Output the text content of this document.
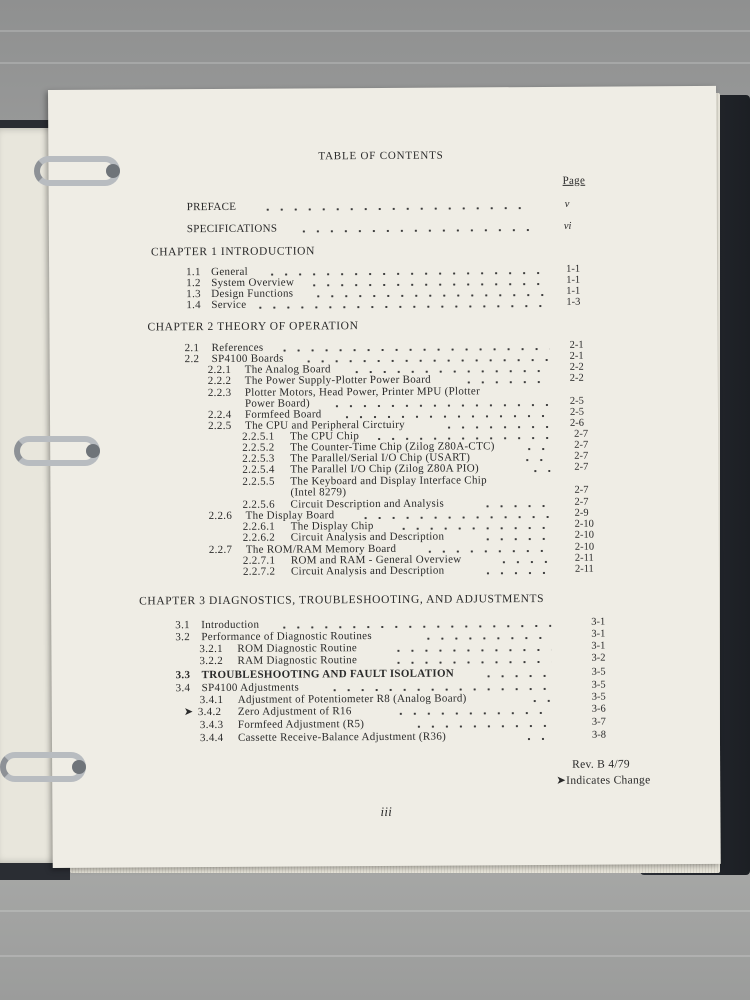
TABLE OF CONTENTS
Page
PREFACE	v
SPECIFICATIONS	vi
CHAPTER 1 INTRODUCTION
1.1 General	1-1
1.2 System Overview	1-1
1.3 Design Functions	1-1
1.4 Service	1-3
CHAPTER 2 THEORY OF OPERATION
2.1 References	2-1
2.2 SP4100 Boards	2-1
2.2.1 The Analog Board	2-2
2.2.2 The Power Supply-Plotter Power Board	2-2
2.2.3 Plotter Motors, Head Power, Printer MPU (Plotter
Power Board)	2-5
2.2.4 Formfeed Board	2-5
2.2.5 The CPU and Peripheral Circtuiry	2-6
2.2.5.1 The CPU Chip	2-7
2.2.5.2 The Counter-Time Chip (Zilog Z80A-CTC)	2-7
2.2.5.3 The Parallel/Serial I/O Chip (USART)	2-7
2.2.5.4 The Parallel I/O Chip (Zilog Z80A PIO)	2-7
2.2.5.5 The Keyboard and Display Interface Chip
(Intel 8279)	2-7
2.2.5.6 Circuit Description and Analysis	2-7
2.2.6 The Display Board	2-9
2.2.6.1 The Display Chip	2-10
2.2.6.2 Circuit Analysis and Description	2-10
2.2.7 The ROM/RAM Memory Board	2-10
2.2.7.1 ROM and RAM - General Overview	2-11
2.2.7.2 Circuit Analysis and Description	2-11
CHAPTER 3 DIAGNOSTICS, TROUBLESHOOTING, AND ADJUSTMENTS
3.1 Introduction	3-1
3.2 Performance of Diagnostic Routines	3-1
3.2.1 ROM Diagnostic Routine	3-1
3.2.2 RAM Diagnostic Routine	3-2
3.3 TROUBLESHOOTING AND FAULT ISOLATION	3-5
3.4 SP4100 Adjustments	3-5
3.4.1 Adjustment of Potentiometer R8 (Analog Board)	3-5
➤ 3.4.2 Zero Adjustment of R16	3-6
3.4.3 Formfeed Adjustment (R5)	3-7
3.4.4 Cassette Receive-Balance Adjustment (R36)	3-8
Rev. B 4/79
➤Indicates Change
iii
